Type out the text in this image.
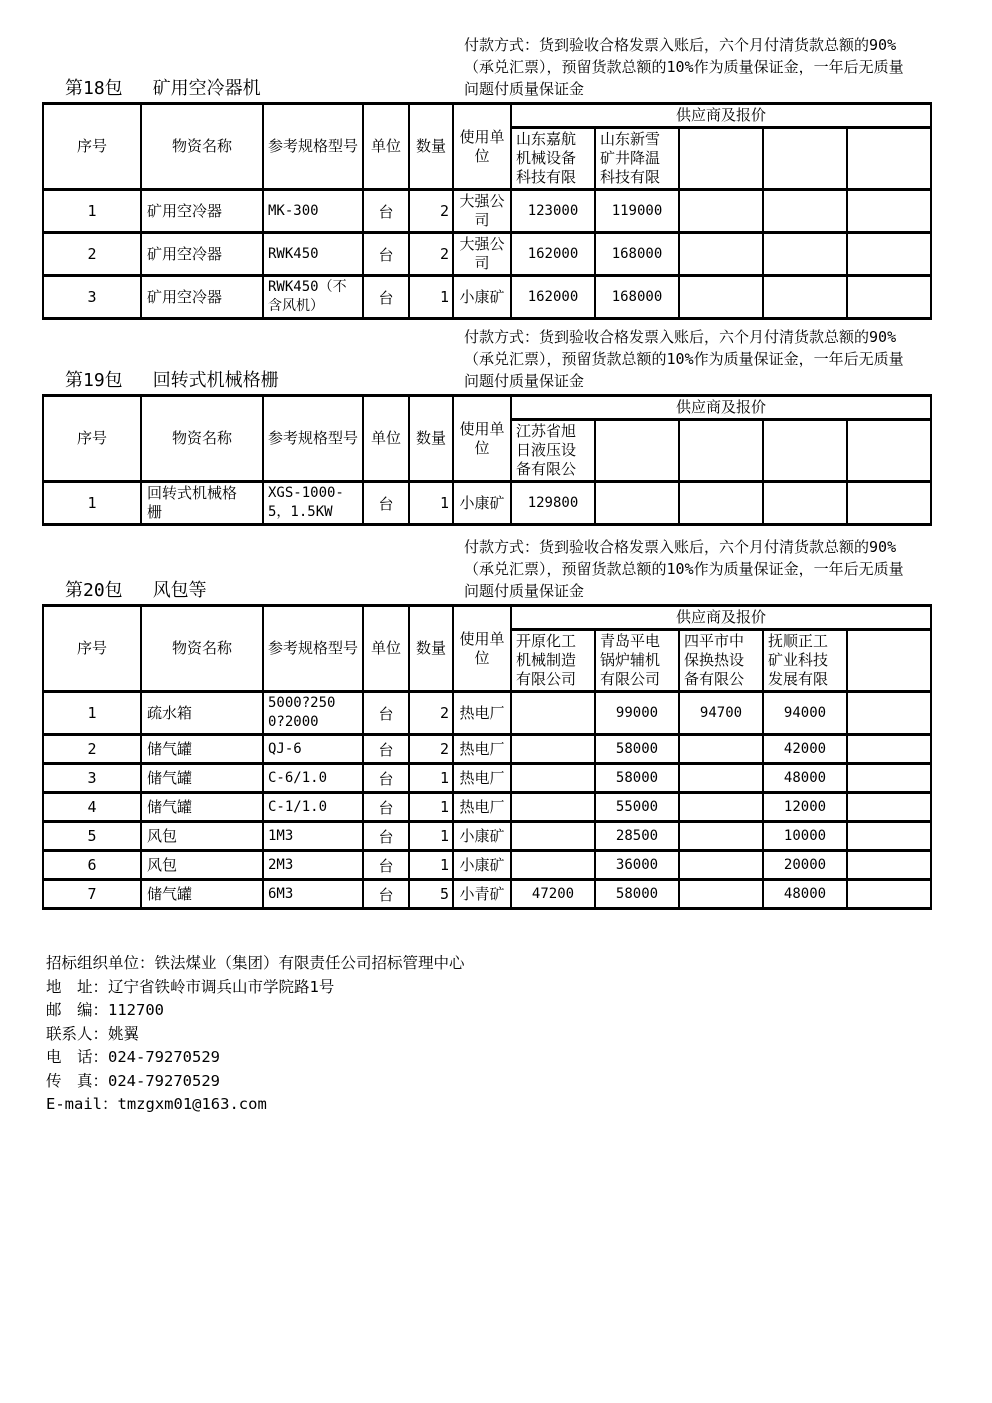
第18包 矿用空冷器机
付款方式：货到验收合格发票入账后，六个月付清货款总额的90%（承兑汇票），预留货款总额的10%作为质量保证金，一年后无质量问题付质量保证金
序号	物资名称	参考规格型号	单位	数量	使用单位	供应商及报价				
						山东嘉航机械设备科技有限	山东新雪矿井降温科技有限			
1	矿用空冷器	MK-300	台	2	大强公司	123000	119000			
2	矿用空冷器	RWK450	台	2	大强公司	162000	168000			
3	矿用空冷器	RWK450（不含风机）	台	1	小康矿	162000	168000			
第19包 回转式机械格栅
付款方式：货到验收合格发票入账后，六个月付清货款总额的90%（承兑汇票），预留货款总额的10%作为质量保证金，一年后无质量问题付质量保证金
序号	物资名称	参考规格型号	单位	数量	使用单位	供应商及报价				
						江苏省旭日液压设备有限公				
1	回转式机械格栅	XGS-1000-5，1.5KW	台	1	小康矿	129800				
第20包 风包等
付款方式：货到验收合格发票入账后，六个月付清货款总额的90%（承兑汇票），预留货款总额的10%作为质量保证金，一年后无质量问题付质量保证金
序号	物资名称	参考规格型号	单位	数量	使用单位	供应商及报价				
						开原化工机械制造有限公司	青岛平电锅炉辅机有限公司	四平市中保换热设备有限公	抚顺正工矿业科技发展有限	
1	疏水箱	5000?2500?2000	台	2	热电厂		99000	94700	94000	
2	储气罐	QJ-6	台	2	热电厂		58000		42000	
3	储气罐	C-6/1.0	台	1	热电厂		58000		48000	
4	储气罐	C-1/1.0	台	1	热电厂		55000		12000	
5	风包	1M3	台	1	小康矿		28500		10000	
6	风包	2M3	台	1	小康矿		36000		20000	
7	储气罐	6M3	台	5	小青矿	47200	58000		48000	
招标组织单位：铁法煤业（集团）有限责任公司招标管理中心
地　址：辽宁省铁岭市调兵山市学院路1号
邮　编：112700
联系人：姚翼
电　话：024-79270529
传　真：024-79270529
E-mail：tmzgxm01@163.com
